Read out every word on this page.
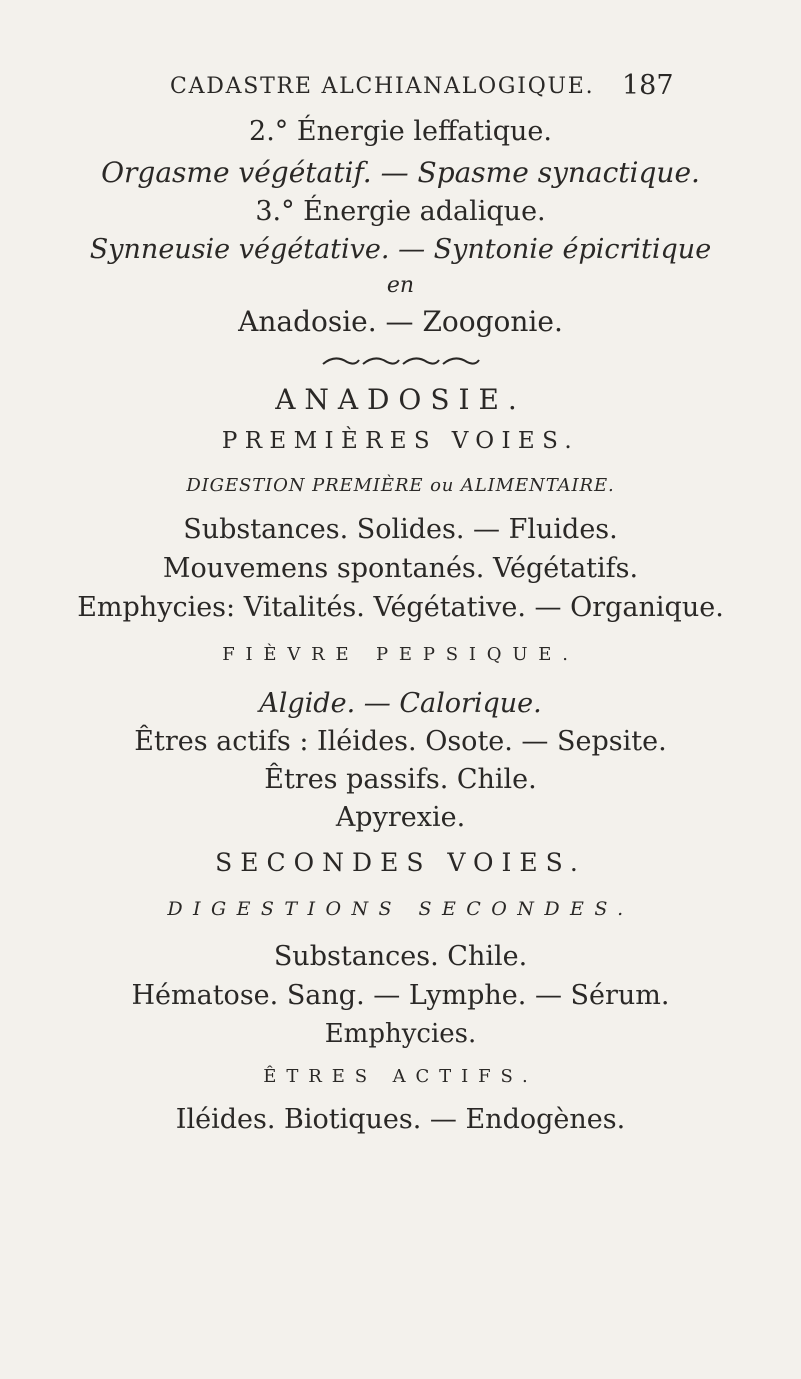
CADASTRE ALCHIANALOGIQUE. 187
2.° Énergie leffatique.
Orgasme végétatif. — Spasme synactique.
3.° Énergie adalique.
Synneusie végétative. — Syntonie épicritique
en
Anadosie. — Zoogonie.
ANADOSIE.
PREMIÈRES VOIES.
DIGESTION PREMIÈRE ou ALIMENTAIRE.
Substances. Solides. — Fluides.
Mouvemens spontanés. Végétatifs.
Emphycies: Vitalités. Végétative. — Organique.
FIÈVRE PEPSIQUE.
Algide. — Calorique.
Êtres actifs : Iléides. Osote. — Sepsite.
Êtres passifs. Chile.
Apyrexie.
SECONDES VOIES.
DIGESTIONS SECONDES.
Substances. Chile.
Hématose. Sang. — Lymphe. — Sérum.
Emphycies.
ÊTRES ACTIFS.
Iléides. Biotiques. — Endogènes.
